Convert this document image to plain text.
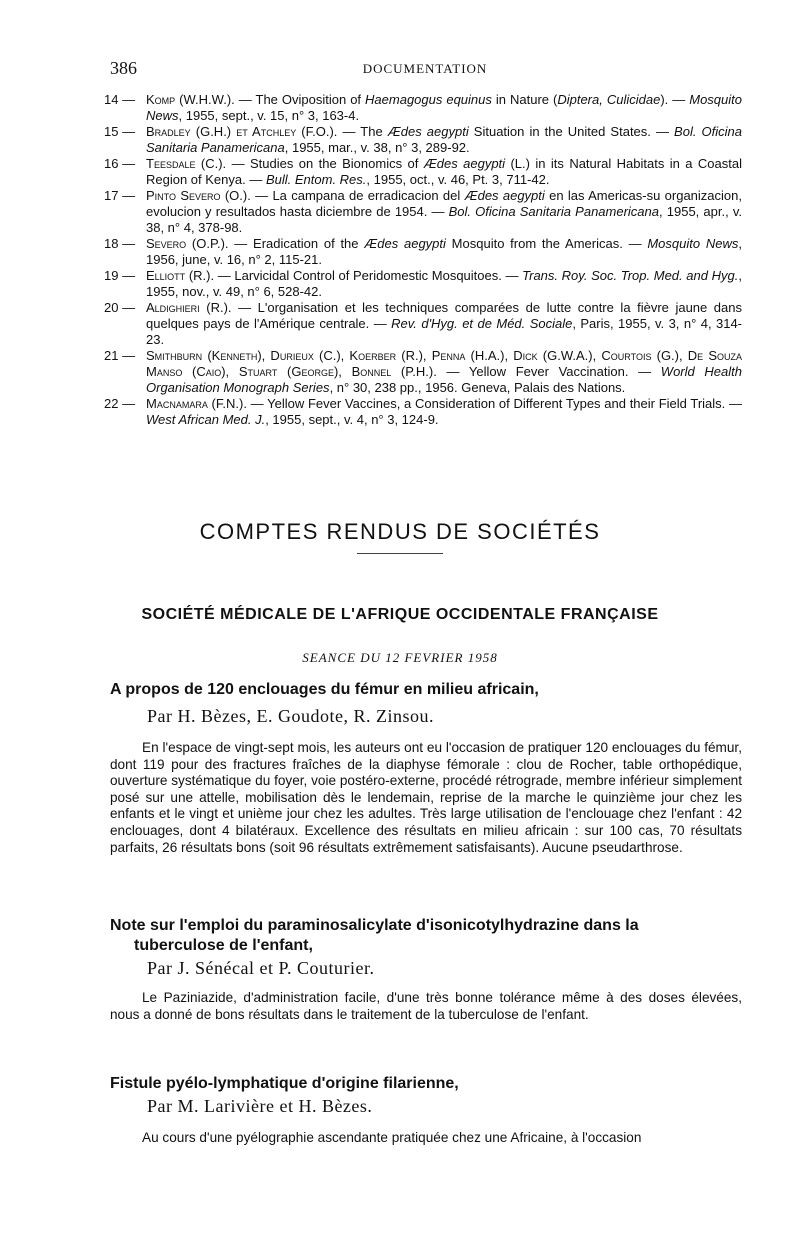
386	DOCUMENTATION
14 — Komp (W.H.W.). — The Oviposition of Haemagogus equinus in Nature (Diptera, Culicidae). — Mosquito News, 1955, sept., v. 15, n° 3, 163-4.
15 — Bradley (G.H.) et Atchley (F.O.). — The Ædes aegypti Situation in the United States. — Bol. Oficina Sanitaria Panamericana, 1955, mar., v. 38, n° 3, 289-92.
16 — Teesdale (C.). — Studies on the Bionomics of Ædes aegypti (L.) in its Natural Habitats in a Coastal Region of Kenya. — Bull. Entom. Res., 1955, oct., v. 46, Pt. 3, 711-42.
17 — Pinto Severo (O.). — La campana de erradicacion del Ædes aegypti en las Americas-su organizacion, evolucion y resultados hasta diciembre de 1954. — Bol. Oficina Sanitaria Panamericana, 1955, apr., v. 38, n° 4, 378-98.
18 — Severo (O.P.). — Eradication of the Ædes aegypti Mosquito from the Americas. — Mosquito News, 1956, june, v. 16, n° 2, 115-21.
19 — Elliott (R.). — Larvicidal Control of Peridomestic Mosquitoes. — Trans. Roy. Soc. Trop. Med. and Hyg., 1955, nov., v. 49, n° 6, 528-42.
20 — Aldighieri (R.). — L'organisation et les techniques comparées de lutte contre la fièvre jaune dans quelques pays de l'Amérique centrale. — Rev. d'Hyg. et de Méd. Sociale, Paris, 1955, v. 3, n° 4, 314-23.
21 — Smithburn (Kenneth), Durieux (C.), Koerber (R.), Penna (H.A.), Dick (G.W.A.), Courtois (G.), De Souza Manso (Caio), Stuart (George), Bonnel (P.H.). — Yellow Fever Vaccination. — World Health Organisation Monograph Series, n° 30, 238 pp., 1956. Geneva, Palais des Nations.
22 — Macnamara (F.N.). — Yellow Fever Vaccines, a Consideration of Different Types and their Field Trials. — West African Med. J., 1955, sept., v. 4, n° 3, 124-9.
COMPTES RENDUS DE SOCIÉTÉS
SOCIÉTÉ MÉDICALE DE L'AFRIQUE OCCIDENTALE FRANÇAISE
SEANCE DU 12 FEVRIER 1958
A propos de 120 enclouages du fémur en milieu africain,
Par H. Bèzes, E. Goudote, R. Zinsou.
En l'espace de vingt-sept mois, les auteurs ont eu l'occasion de pratiquer 120 enclouages du fémur, dont 119 pour des fractures fraîches de la diaphyse fémorale : clou de Rocher, table orthopédique, ouverture systématique du foyer, voie postéro-externe, procédé rétrograde, membre inférieur simplement posé sur une attelle, mobilisation dès le lendemain, reprise de la marche le quinzième jour chez les enfants et le vingt et unième jour chez les adultes. Très large utilisation de l'enclouage chez l'enfant : 42 enclouages, dont 4 bilatéraux. Excellence des résultats en milieu africain : sur 100 cas, 70 résultats parfaits, 26 résultats bons (soit 96 résultats extrêmement satisfaisants). Aucune pseudarthrose.
Note sur l'emploi du paraminosalicylate d'isonicotylhydrazine dans la
tuberculose de l'enfant,
Par J. Sénécal et P. Couturier.
Le Paziniazide, d'administration facile, d'une très bonne tolérance même à des doses élevées, nous a donné de bons résultats dans le traitement de la tuberculose de l'enfant.
Fistule pyélo-lymphatique d'origine filarienne,
Par M. Larivière et H. Bèzes.
Au cours d'une pyélographie ascendante pratiquée chez une Africaine, à l'occasion
